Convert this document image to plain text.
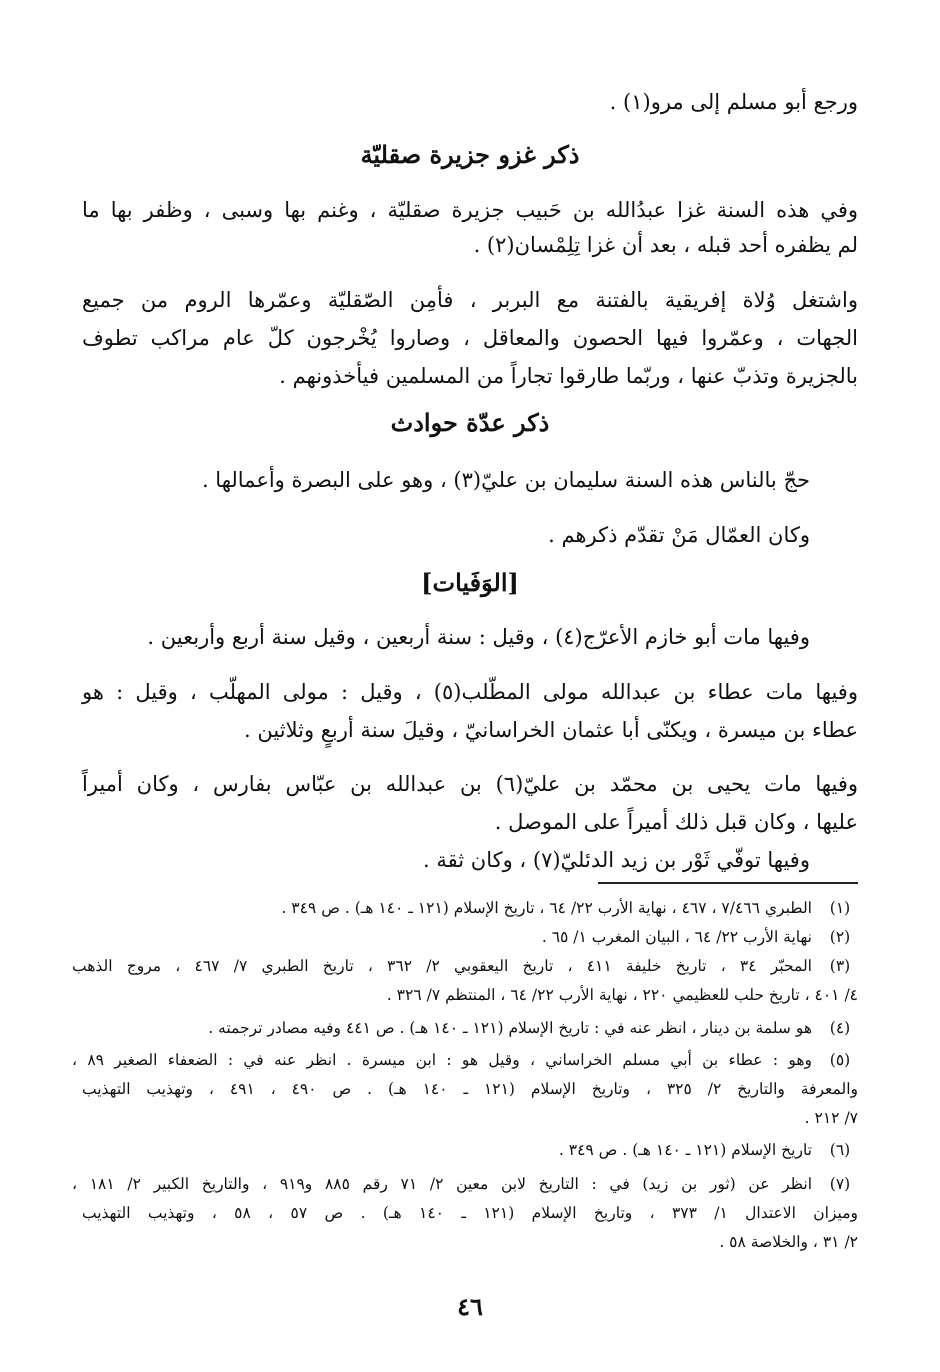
ورجع أبو مسلم إلى مرو(١) .
ذكر غزو جزيرة صقليّة
وفي هذه السنة غزا عبدُالله بن حَبيب جزيرة صقليّة ، وغنم بها وسبى ، وظفر بها ما
لم يظفره أحد قبله ، بعد أن غزا تِلِمْسان(٢) .
واشتغل وُلاة إفريقية بالفتنة مع البربر ، فأمِن الصّقليّة وعمّرها الروم من جميع
الجهات ، وعمّروا فيها الحصون والمعاقل ، وصاروا يُخْرجون كلّ عام مراكب تطوف
بالجزيرة وتذبّ عنها ، وربّما طارقوا تجاراً من المسلمين فيأخذونهم .
ذكر عدّة حوادث
حجّ بالناس هذه السنة سليمان بن عليّ(٣) ، وهو على البصرة وأعمالها .
وكان العمّال مَنْ تقدّم ذكرهم .
[الوَفَيات]
وفيها مات أبو خازم الأعرّج(٤) ، وقيل : سنة أربعين ، وقيل سنة أربع وأربعين .
وفيها مات عطاء بن عبدالله مولى المطّلب(٥) ، وقيل : مولى المهلّب ، وقيل : هو
عطاء بن ميسرة ، ويكنّى أبا عثمان الخراسانيّ ، وقيلَ سنة أربعٍ وثلاثين .
وفيها مات يحيى بن محمّد بن عليّ(٦) بن عبدالله بن عبّاس بفارس ، وكان أميراً
عليها ، وكان قبل ذلك أميراً على الموصل .
وفيها توفّي ثَوْر بن زيد الدئليّ(٧) ، وكان ثقة .
(١)
الطبري ٧/٤٦٦ ، ٤٦٧ ، نهاية الأرب ٢٢/ ٦٤ ، تاريخ الإسلام (١٢١ ـ ١٤٠ هـ) . ص ٣٤٩ .
(٢)
نهاية الأرب ٢٢/ ٦٤ ، البيان المغرب ١/ ٦٥ .
(٣)
المحبّر ٣٤ ، تاريخ خليفة ٤١١ ، تاريخ اليعقوبي ٢/ ٣٦٢ ، تاريخ الطبري ٧/ ٤٦٧ ، مروج الذهب
٤/ ٤٠١ ، تاريخ حلب للعظيمي ٢٢٠ ، نهاية الأرب ٢٢/ ٦٤ ، المنتظم ٧/ ٣٢٦ .
(٤)
هو سلمة بن دينار ، انظر عنه في : تاريخ الإسلام (١٢١ ـ ١٤٠ هـ) . ص ٤٤١ وفيه مصادر ترجمته .
(٥)
وهو : عطاء بن أبي مسلم الخراساني ، وقيل هو : ابن ميسرة . انظر عنه في : الضعفاء الصغير ٨٩ ،
والمعرفة والتاريخ ٢/ ٣٢٥ ، وتاريخ الإسلام (١٢١ ـ ١٤٠ هـ) . ص ٤٩٠ ، ٤٩١ ، وتهذيب التهذيب
٧/ ٢١٢ .
(٦)
تاريخ الإسلام (١٢١ ـ ١٤٠ هـ) . ص ٣٤٩ .
(٧)
انظر عن (ثور بن زيد) في : التاريخ لابن معين ٢/ ٧١ رقم ٨٨٥ و٩١٩ ، والتاريخ الكبير ٢/ ١٨١ ،
وميزان الاعتدال ١/ ٣٧٣ ، وتاريخ الإسلام (١٢١ ـ ١٤٠ هـ) . ص ٥٧ ، ٥٨ ، وتهذيب التهذيب
٢/ ٣١ ، والخلاصة ٥٨ .
٤٦
